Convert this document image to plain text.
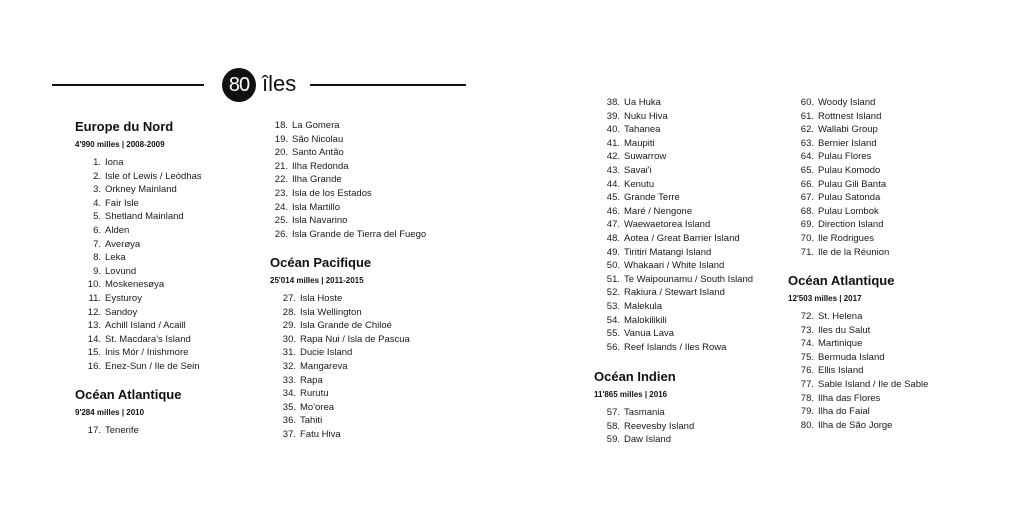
80 îles
Europe du Nord
4'990 milles | 2008-2009
1. Iona
2. Isle of Lewis / Leòdhas
3. Orkney Mainland
4. Fair Isle
5. Shetland Mainland
6. Alden
7. Averøya
8. Leka
9. Lovund
10. Moskenesøya
11. Eysturoy
12. Sandoy
13. Achill Island / Acaill
14. St. Macdara's Island
15. Inis Mór / Inishmore
16. Enez-Sun / Ile de Sein
Océan Atlantique
9'284 milles | 2010
17. Tenerife
18. La Gomera
19. São Nicolau
20. Santo Antão
21. Ilha Redonda
22. Ilha Grande
23. Isla de los Estados
24. Isla Martillo
25. Isla Navarino
26. Isla Grande de Tierra del Fuego
Océan Pacifique
25'014 milles | 2011-2015
27. Isla Hoste
28. Isla Wellington
29. Isla Grande de Chiloé
30. Rapa Nui / Isla de Pascua
31. Ducie Island
32. Mangareva
33. Rapa
34. Rurutu
35. Mo'orea
36. Tahiti
37. Fatu Hiva
38. Ua Huka
39. Nuku Hiva
40. Tahanea
41. Maupiti
42. Suwarrow
43. Savai'i
44. Kenutu
45. Grande Terre
46. Maré / Nengone
47. Waewaetorea Island
48. Aotea / Great Barrier Island
49. Tiritiri Matangi Island
50. Whakaari / White Island
51. Te Waipounamu / South Island
52. Rakiura / Stewart Island
53. Malekula
54. Malokilikili
55. Vanua Lava
56. Reef Islands / Iles Rowa
Océan Indien
11'865 milles | 2016
57. Tasmania
58. Reevesby Island
59. Daw Island
60. Woody Island
61. Rottnest Island
62. Wallabi Group
63. Bernier Island
64. Pulau Flores
65. Pulau Komodo
66. Pulau Gili Banta
67. Pulau Satonda
68. Pulau Lombok
69. Direction Island
70. Ile Rodrigues
71. Ile de la Réunion
Océan Atlantique
12'503 milles | 2017
72. St. Helena
73. Iles du Salut
74. Martinique
75. Bermuda Island
76. Ellis Island
77. Sable Island / Ile de Sable
78. Ilha das Flores
79. Ilha do Faial
80. Ilha de São Jorge
